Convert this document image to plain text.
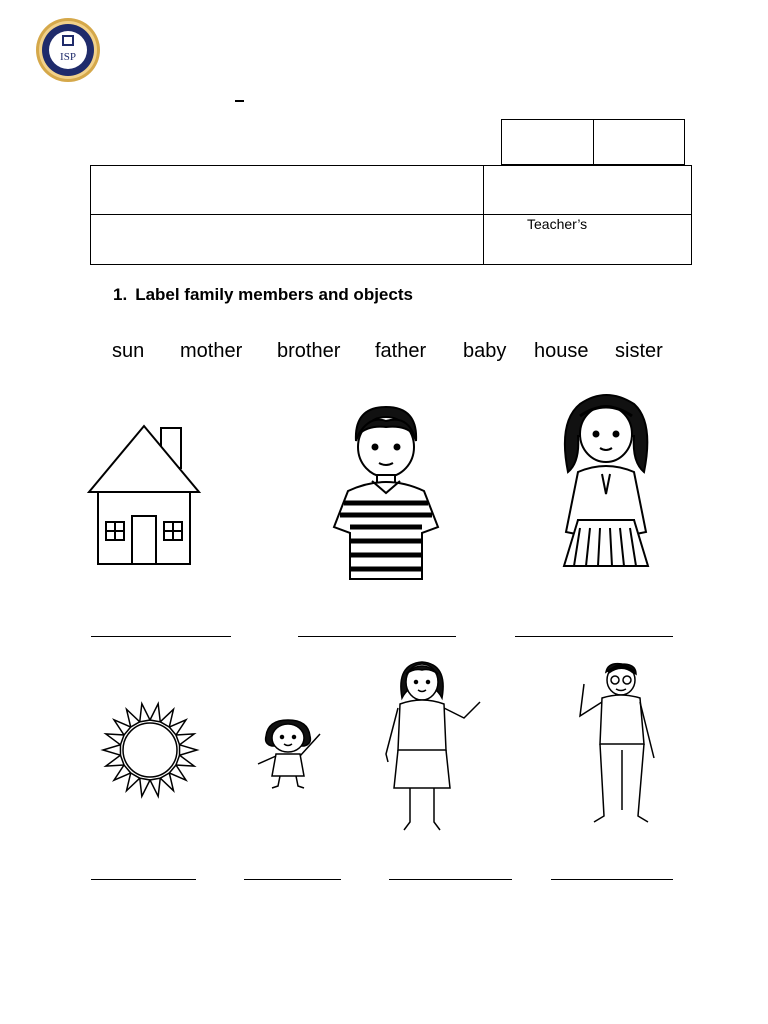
ISP
Teacher’s
1. Label family members and objects
sun mother brother father baby house sister
